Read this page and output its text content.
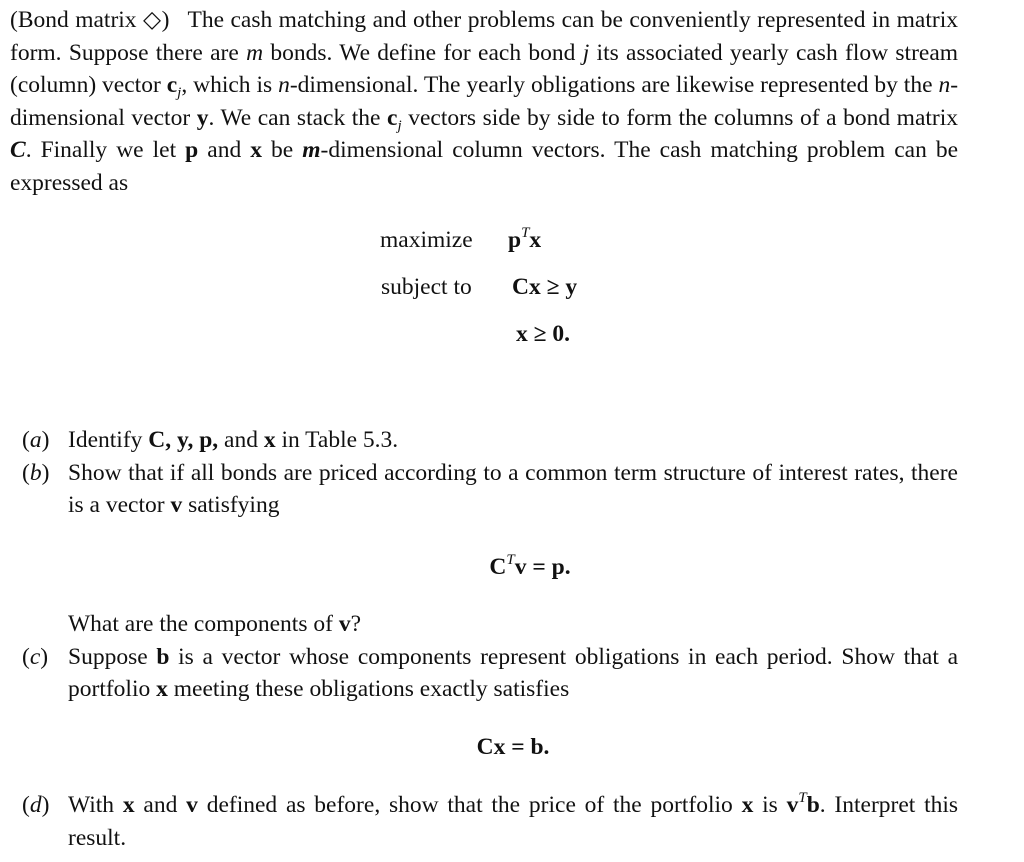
(Bond matrix ◇) The cash matching and other problems can be conveniently represented in matrix form. Suppose there are m bonds. We define for each bond j its associated yearly cash flow stream (column) vector $c_j$, which is n-dimensional. The yearly obligations are likewise represented by the n-dimensional vector y. We can stack the $c_j$ vectors side by side to form the columns of a bond matrix C. Finally we let p and x be m-dimensional column vectors. The cash matching problem can be expressed as

maximize $p^Tx$
subject to Cx ≥ y
x ≥ 0.
(a) Identify C, y, p, and x in Table 5.3.

(b) Show that if all bonds are priced according to a common term structure of interest rates, there is a vector v satisfying

$C^Tv = p$.

What are the components of v?

(c) Suppose b is a vector whose components represent obligations in each period. Show that a portfolio x meeting these obligations exactly satisfies

Cx = b.
(d) With x and v defined as before, show that the price of the portfolio x is $v^Tb$. Interpret this result.
